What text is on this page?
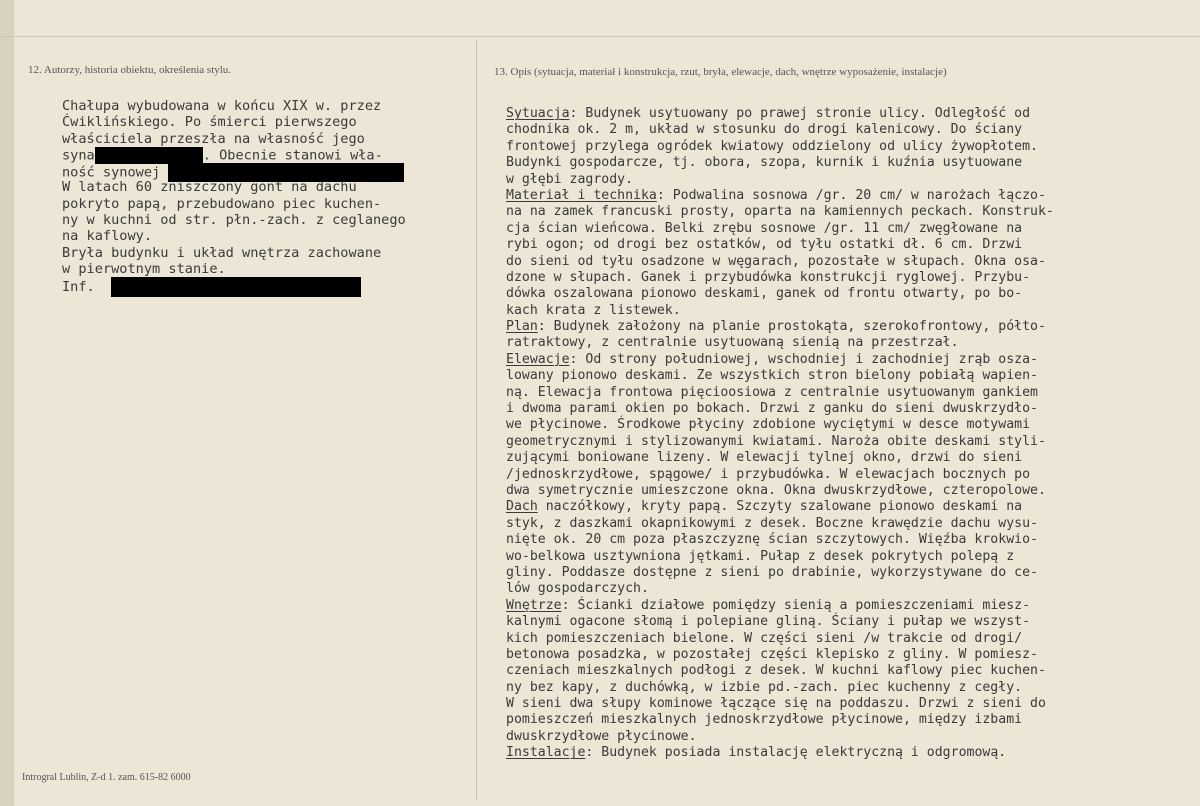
12. Autorzy, historia obiektu, określenia stylu.	13. Opis (sytuacja, materiał i konstrukcja, rzut, bryła, elewacje, dach, wnętrze wyposażenie, instalacje)
Chałupa wybudowana w końcu XIX w. przez
Ćwiklińskiego. Po śmierci pierwszego
właściciela przeszła na własność jego
syna	. Obecnie stanowi wła-
ność synowej
W latach 60 zniszczony gont na dachu
pokryto papą, przebudowano piec kuchen-
ny w kuchni od str. płn.-zach. z ceglanego
na kaflowy.
Bryła budynku i układ wnętrza zachowane
w pierwotnym stanie.
Inf.
Sytuacja: Budynek usytuowany po prawej stronie ulicy. Odległość od
chodnika ok. 2 m, układ w stosunku do drogi kalenicowy. Do ściany
frontowej przylega ogródek kwiatowy oddzielony od ulicy żywopłotem.
Budynki gospodarcze, tj. obora, szopa, kurnik i kuźnia usytuowane
w głębi zagrody.
Materiał i technika: Podwalina sosnowa /gr. 20 cm/ w narożach łączo-
na na zamek francuski prosty, oparta na kamiennych peckach. Konstruk-
cja ścian wieńcowa. Belki zrębu sosnowe /gr. 11 cm/ zwęgłowane na
rybi ogon; od drogi bez ostatków, od tyłu ostatki dł. 6 cm. Drzwi
do sieni od tyłu osadzone w węgarach, pozostałe w słupach. Okna osa-
dzone w słupach. Ganek i przybudówka konstrukcji ryglowej. Przybu-
dówka oszalowana pionowo deskami, ganek od frontu otwarty, po bo-
kach krata z listewek.
Plan: Budynek założony na planie prostokąta, szerokofrontowy, półto-
ratraktowy, z centralnie usytuowaną sienią na przestrzał.
Elewacje: Od strony południowej, wschodniej i zachodniej zrąb osza-
lowany pionowo deskami. Ze wszystkich stron bielony pobiałą wapien-
ną. Elewacja frontowa pięcioosiowa z centralnie usytuowanym gankiem
i dwoma parami okien po bokach. Drzwi z ganku do sieni dwuskrzydło-
we płycinowe. Środkowe płyciny zdobione wyciętymi w desce motywami
geometrycznymi i stylizowanymi kwiatami. Naroża obite deskami styli-
zującymi boniowane lizeny. W elewacji tylnej okno, drzwi do sieni
/jednoskrzydłowe, spągowe/ i przybudówka. W elewacjach bocznych po
dwa symetrycznie umieszczone okna. Okna dwuskrzydłowe, czteropolowe.
Dach naczółkowy, kryty papą. Szczyty szalowane pionowo deskami na
styk, z daszkami okapnikowymi z desek. Boczne krawędzie dachu wysu-
nięte ok. 20 cm poza płaszczyznę ścian szczytowych. Więźba krokwio-
wo-belkowa usztywniona jętkami. Pułap z desek pokrytych polepą z
gliny. Poddasze dostępne z sieni po drabinie, wykorzystywane do ce-
lów gospodarczych.
Wnętrze: Ścianki działowe pomiędzy sienią a pomieszczeniami miesz-
kalnymi ogacone słomą i polepiane gliną. Ściany i pułap we wszyst-
kich pomieszczeniach bielone. W części sieni /w trakcie od drogi/
betonowa posadzka, w pozostałej części klepisko z gliny. W pomiesz-
czeniach mieszkalnych podłogi z desek. W kuchni kaflowy piec kuchen-
ny bez kapy, z duchówką, w izbie pd.-zach. piec kuchenny z cegły.
W sieni dwa słupy kominowe łączące się na poddaszu. Drzwi z sieni do
pomieszczeń mieszkalnych jednoskrzydłowe płycinowe, między izbami
dwuskrzydłowe płycinowe.
Instalacje: Budynek posiada instalację elektryczną i odgromową.
Introgral Lublin, Z-d 1. zam. 615-82 6000
